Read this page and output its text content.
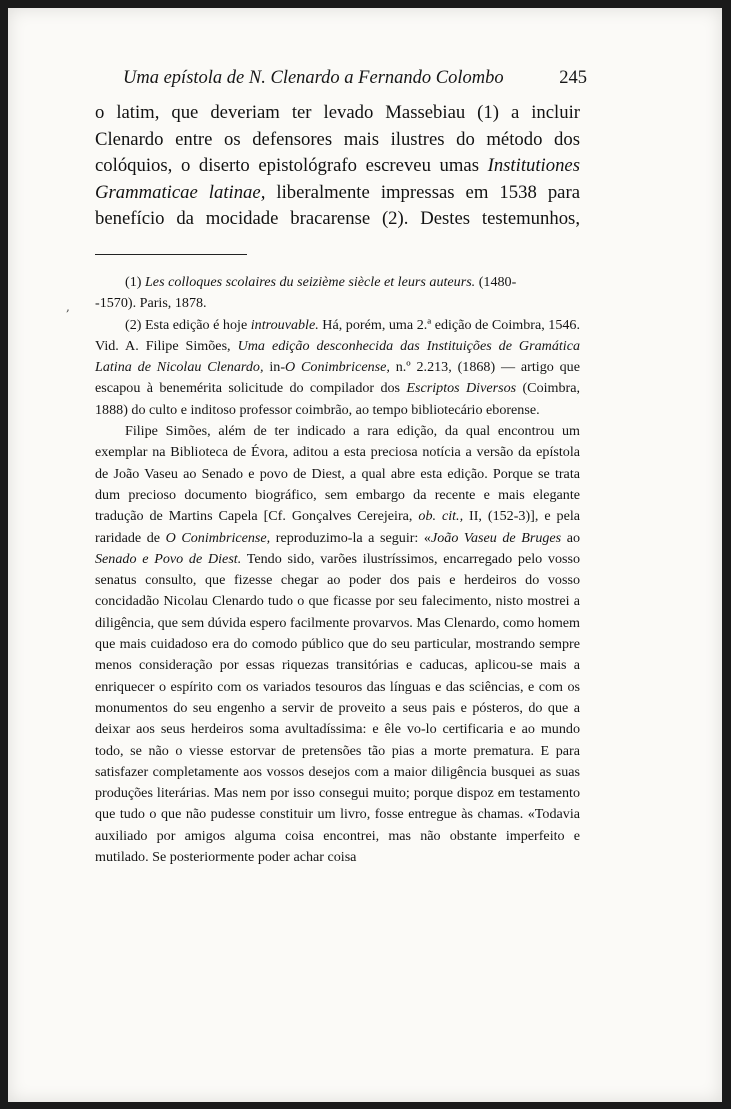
Uma epístola de N. Clenardo a Fernando Colombo	245
,
o latim, que deveriam ter levado Massebiau (1) a incluir
Clenardo entre os defensores mais ilustres do método dos
colóquios, o diserto epistológrafo escreveu umas Institutiones
Grammaticae latinae, liberalmente impressas em 1538 para
benefício da mocidade bracarense (2). Destes testemunhos,

(1) Les colloques scolaires du seizième siècle et leurs auteurs. (1480-

-1570). Paris, 1878.

(2) Esta edição é hoje introuvable. Há, porém, uma 2.ª edição de Coimbra, 1546. Vid. A. Filipe Simões, Uma edição desconhecida das Instituições de Gramática Latina de Nicolau Clenardo, in-O Conimbricense, n.º 2.213, (1868) — artigo que escapou à benemérita solicitude do compilador dos Escriptos Diversos (Coimbra, 1888) do culto e inditoso professor coimbrão, ao tempo bibliotecário eborense.

Filipe Simões, além de ter indicado a rara edição, da qual encontrou um exemplar na Biblioteca de Évora, aditou a esta preciosa notícia a versão da epístola de João Vaseu ao Senado e povo de Diest, a qual abre esta edição. Porque se trata dum precioso documento biográfico, sem embargo da recente e mais elegante tradução de Martins Capela [Cf. Gonçalves Cerejeira, ob. cit., II, (152-3)], e pela raridade de O Conimbricense, reproduzimo-la a seguir: «João Vaseu de Bruges ao Senado e Povo de Diest. Tendo sido, varões ilustríssimos, encarregado pelo vosso senatus consulto, que fizesse chegar ao poder dos pais e herdeiros do vosso concidadão Nicolau Clenardo tudo o que ficasse por seu falecimento, nisto mostrei a diligência, que sem dúvida espero facilmente provarvos. Mas Clenardo, como homem que mais cuidadoso era do comodo público que do seu particular, mostrando sempre menos consideração por essas riquezas transitórias e caducas, aplicou-se mais a enriquecer o espírito com os variados tesouros das línguas e das sciências, e com os monumentos do seu engenho a servir de proveito a seus pais e pósteros, do que a deixar aos seus herdeiros soma avultadíssima: e êle vo-lo certificaria e ao mundo todo, se não o viesse estorvar de pretensões tão pias a morte prematura. E para satisfazer completamente aos vossos desejos com a maior diligência busquei as suas produções literárias. Mas nem por isso consegui muito; porque dispoz em testamento que tudo o que não pudesse constituir um livro, fosse entregue às chamas. «Todavia auxiliado por amigos alguma coisa encontrei, mas não obstante imperfeito e mutilado. Se posteriormente poder achar coisa
